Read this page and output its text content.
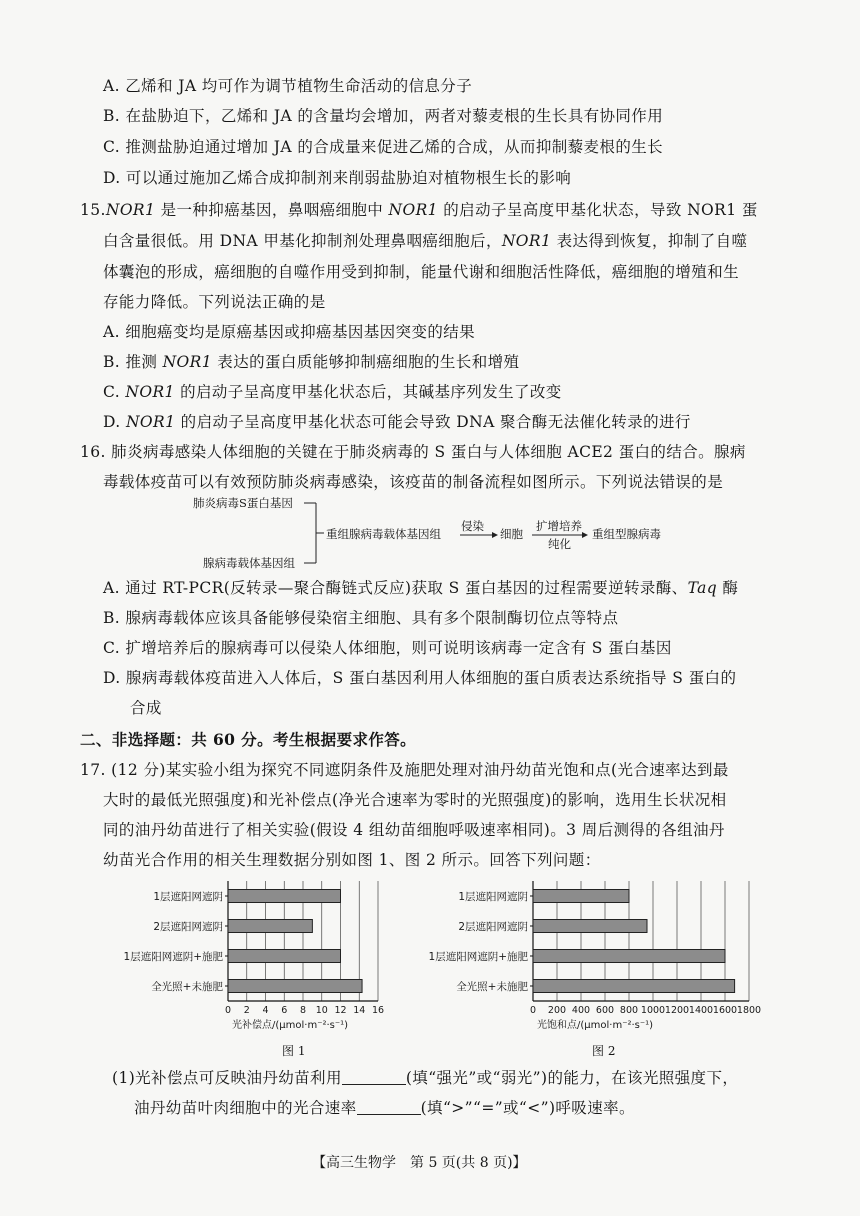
A. 乙烯和 JA 均可作为调节植物生命活动的信息分子
B. 在盐胁迫下，乙烯和 JA 的含量均会增加，两者对藜麦根的生长具有协同作用
C. 推测盐胁迫通过增加 JA 的合成量来促进乙烯的合成，从而抑制藜麦根的生长
D. 可以通过施加乙烯合成抑制剂来削弱盐胁迫对植物根生长的影响
15.NOR1 是一种抑癌基因，鼻咽癌细胞中 NOR1 的启动子呈高度甲基化状态，导致 NOR1 蛋
白含量很低。用 DNA 甲基化抑制剂处理鼻咽癌细胞后，NOR1 表达得到恢复，抑制了自噬
体囊泡的形成，癌细胞的自噬作用受到抑制，能量代谢和细胞活性降低，癌细胞的增殖和生
存能力降低。下列说法正确的是
A. 细胞癌变均是原癌基因或抑癌基因基因突变的结果
B. 推测 NOR1 表达的蛋白质能够抑制癌细胞的生长和增殖
C. NOR1 的启动子呈高度甲基化状态后，其碱基序列发生了改变
D. NOR1 的启动子呈高度甲基化状态可能会导致 DNA 聚合酶无法催化转录的进行
16. 肺炎病毒感染人体细胞的关键在于肺炎病毒的 S 蛋白与人体细胞 ACE2 蛋白的结合。腺病
毒载体疫苗可以有效预防肺炎病毒感染，该疫苗的制备流程如图所示。下列说法错误的是
肺炎病毒S蛋白基因
腺病毒载体基因组
重组腺病毒载体基因组
侵染
细胞
扩增培养
纯化
重组型腺病毒
A. 通过 RT-PCR(反转录—聚合酶链式反应)获取 S 蛋白基因的过程需要逆转录酶、Taq 酶
B. 腺病毒载体应该具备能够侵染宿主细胞、具有多个限制酶切位点等特点
C. 扩增培养后的腺病毒可以侵染人体细胞，则可说明该病毒一定含有 S 蛋白基因
D. 腺病毒载体疫苗进入人体后，S 蛋白基因利用人体细胞的蛋白质表达系统指导 S 蛋白的
合成
二、非选择题：共 60 分。考生根据要求作答。
17. (12 分)某实验小组为探究不同遮阴条件及施肥处理对油丹幼苗光饱和点(光合速率达到最
大时的最低光照强度)和光补偿点(净光合速率为零时的光照强度)的影响，选用生长状况相
同的油丹幼苗进行了相关实验(假设 4 组幼苗细胞呼吸速率相同)。3 周后测得的各组油丹
幼苗光合作用的相关生理数据分别如图 1、图 2 所示。回答下列问题：
0 2 4 6 8 10 12 14 16
1层遮阳网遮阴
2层遮阳网遮阴
1层遮阳网遮阴+施肥
全光照+未施肥
光补偿点/(μmol·m⁻²·s⁻¹)
图 1
0 200 400 600 800 1000 1200 1400 1600 1800
1层遮阳网遮阴
2层遮阳网遮阴
1层遮阳网遮阴+施肥
全光照+未施肥
光饱和点/(μmol·m⁻²·s⁻¹)
图 2
(1)光补偿点可反映油丹幼苗利用	(填“强光”或“弱光”)的能力，在该光照强度下，
油丹幼苗叶肉细胞中的光合速率	(填“>”“=”或“<”)呼吸速率。
【高三生物学　第 5 页(共 8 页)】
